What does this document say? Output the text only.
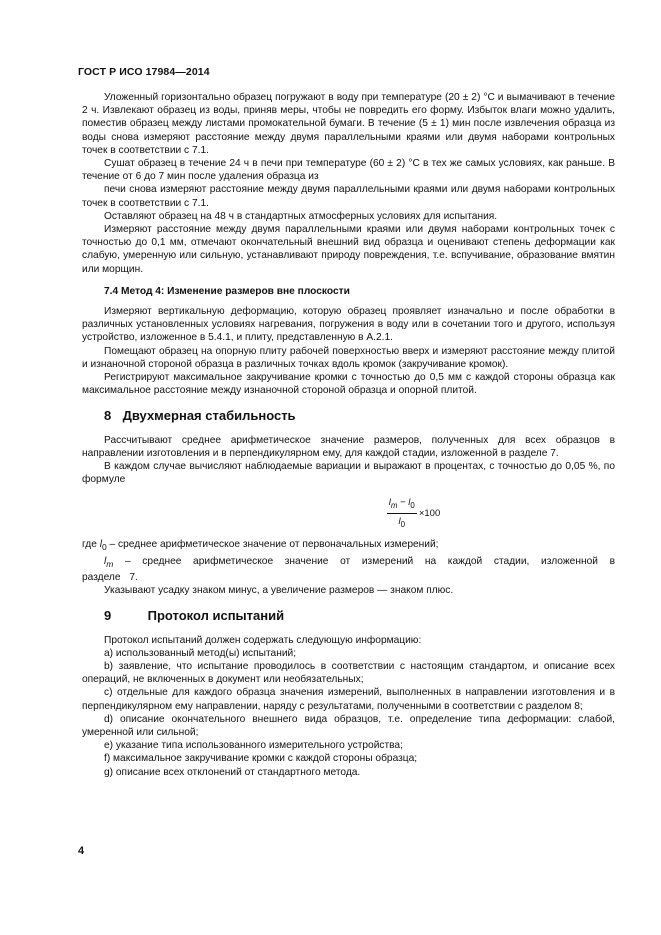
ГОСТ Р ИСО 17984—2014

Уложенный горизонтально образец погружают в воду при температуре (20 ± 2) °С и вымачивают в течение 2 ч. Извлекают образец из воды, приняв меры, чтобы не повредить его форму. Избыток влаги можно удалить, поместив образец между листами промокательной бумаги. В течение (5 ± 1) мин после извлечения образца из воды снова измеряют расстояние между двумя параллельными краями или двумя наборами контрольных точек в соответствии с 7.1.

Сушат образец в течение 24 ч в печи при температуре (60 ± 2) °С в тех же самых условиях, как раньше. В течение от 6 до 7 мин после удаления образца из

печи снова измеряют расстояние между двумя параллельными краями или двумя наборами контрольных точек в соответствии с 7.1.

Оставляют образец на 48 ч в стандартных атмосферных условиях для испытания.

Измеряют расстояние между двумя параллельными краями или двумя наборами контрольных точек с точностью до 0,1 мм, отмечают окончательный внешний вид образца и оценивают степень деформации как слабую, умеренную или сильную, устанавливают природу повреждения, т.е. вспучивание, образование вмятин или морщин.

7.4 Метод 4: Изменение размеров вне плоскости

Измеряют вертикальную деформацию, которую образец проявляет изначально и после обработки в различных установленных условиях нагревания, погружения в воду или в сочетании того и другого, используя устройство, изложенное в 5.4.1, и плиту, представленную в А.2.1.

Помещают образец на опорную плиту рабочей поверхностью вверх и измеряют расстояние между плитой и изнаночной стороной образца в различных точках вдоль кромок (закручивание кромок).

Регистрируют максимальное закручивание кромки с точностью до 0,5 мм с каждой стороны образца как максимальное расстояние между изнаночной стороной образца и опорной плитой.

8 Двухмерная стабильность

Рассчитывают среднее арифметическое значение размеров, полученных для всех образцов в направлении изготовления и в перпендикулярном ему, для каждой стадии, изложенной в разделе 7.

В каждом случае вычисляют наблюдаемые вариации и выражают в процентах, с точностью до 0,05 %, по формуле

$\frac{l_m - l_0}{l_0} \times 100$

где $l_0$ – среднее арифметическое значение от первоначальных измерений;

$l_m$ – среднее арифметическое значение от измерений на каждой стадии, изложенной в разделе 7.

Указывают усадку знаком минус, а увеличение размеров — знаком плюс.

9	Протокол испытаний

Протокол испытаний должен содержать следующую информацию:

a) использованный метод(ы) испытаний;

b) заявление, что испытание проводилось в соответствии с настоящим стандартом, и описание всех операций, не включенных в документ или необязательных;

c) отдельные для каждого образца значения измерений, выполненных в направлении изготовления и в перпендикулярном ему направлении, наряду с результатами, полученными в соответствии с разделом 8;

d) описание окончательного внешнего вида образцов, т.е. определение типа деформации: слабой, умеренной или сильной;

e) указание типа использованного измерительного устройства;

f) максимальное закручивание кромки с каждой стороны образца;

g) описание всех отклонений от стандартного метода.

4
